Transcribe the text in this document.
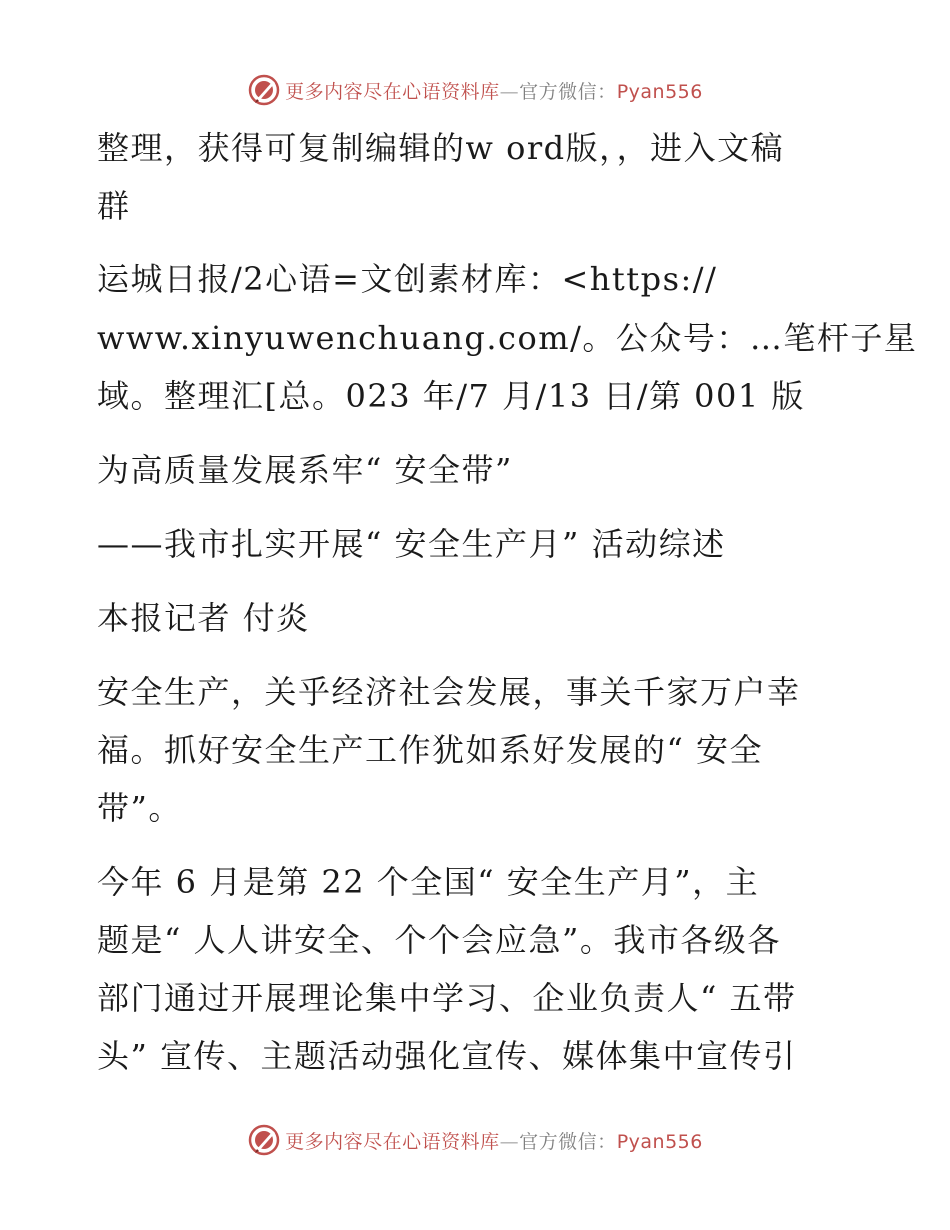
更多内容尽在心语资料库—官方微信：Pyan556
整理，获得可复制编辑的w ord版，，进入文稿
群
运城日报/2心语=文创素材库：<https://
www.xinyuwenchuang.com/。公众号：…笔杆子星
域。整理汇[总。023 年/7 月/13 日/第 001 版
为高质量发展系牢“ 安全带”
——我市扎实开展“ 安全生产月” 活动综述
本报记者 付炎
安全生产，关乎经济社会发展，事关千家万户幸
福。抓好安全生产工作犹如系好发展的“ 安全
带”。
今年 6 月是第 22 个全国“ 安全生产月”，主
题是“ 人人讲安全、个个会应急”。我市各级各
部门通过开展理论集中学习、企业负责人“ 五带
头” 宣传、主题活动强化宣传、媒体集中宣传引
更多内容尽在心语资料库—官方微信：Pyan556
